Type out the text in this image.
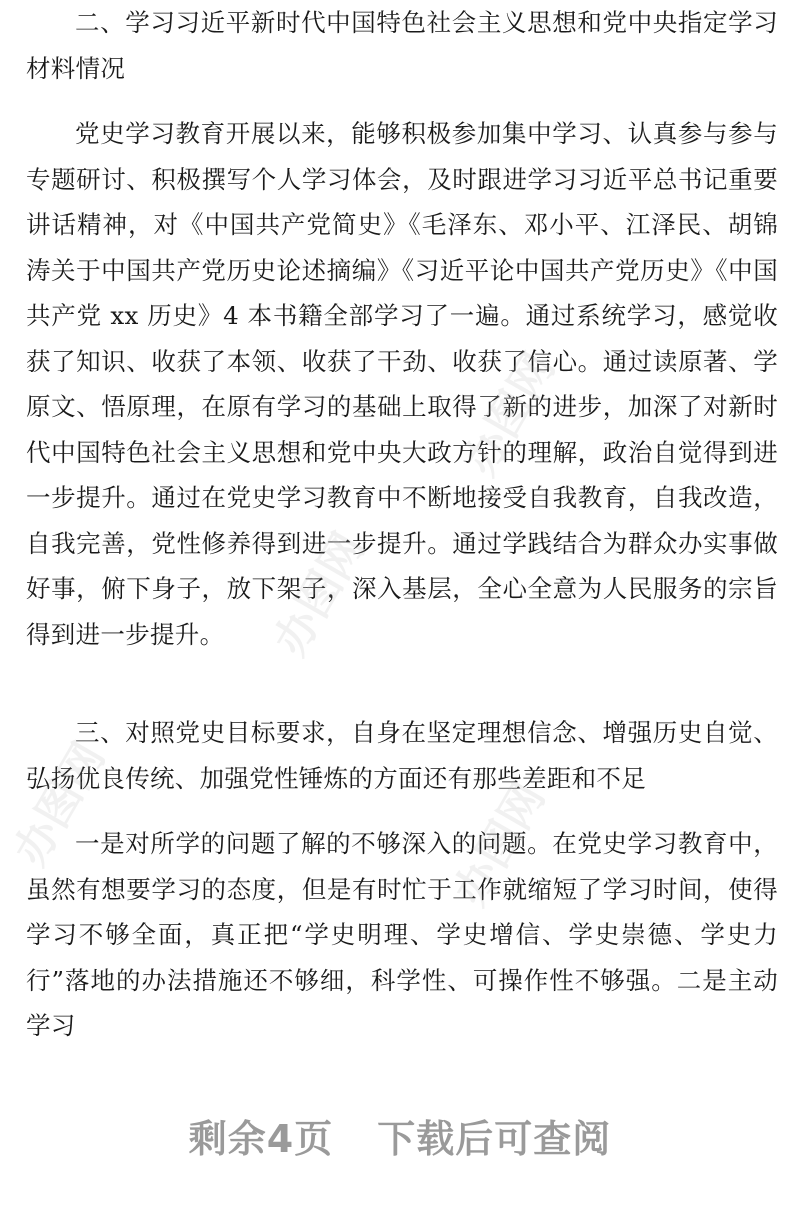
二、学习习近平新时代中国特色社会主义思想和党中央指定学习材料情况

党史学习教育开展以来，能够积极参加集中学习、认真参与参与专题研讨、积极撰写个人学习体会，及时跟进学习习近平总书记重要讲话精神，对《中国共产党简史》《毛泽东、邓小平、江泽民、胡锦涛关于中国共产党历史论述摘编》《习近平论中国共产党历史》《中国共产党 xx 历史》4 本书籍全部学习了一遍。通过系统学习，感觉收获了知识、收获了本领、收获了干劲、收获了信心。通过读原著、学原文、悟原理，在原有学习的基础上取得了新的进步，加深了对新时代中国特色社会主义思想和党中央大政方针的理解，政治自觉得到进一步提升。通过在党史学习教育中不断地接受自我教育，自我改造，自我完善，党性修养得到进一步提升。通过学践结合为群众办实事做好事，俯下身子，放下架子，深入基层，全心全意为人民服务的宗旨得到进一步提升。

三、对照党史目标要求，自身在坚定理想信念、增强历史自觉、弘扬优良传统、加强党性锤炼的方面还有那些差距和不足

一是对所学的问题了解的不够深入的问题。在党史学习教育中，虽然有想要学习的态度，但是有时忙于工作就缩短了学习时间，使得学习不够全面，真正把“学史明理、学史增信、学史崇德、学史力行”落地的办法措施还不够细，科学性、可操作性不够强。二是主动学习

办图网
办图网
办图网
办图网
剩余4页 下载后可查阅
